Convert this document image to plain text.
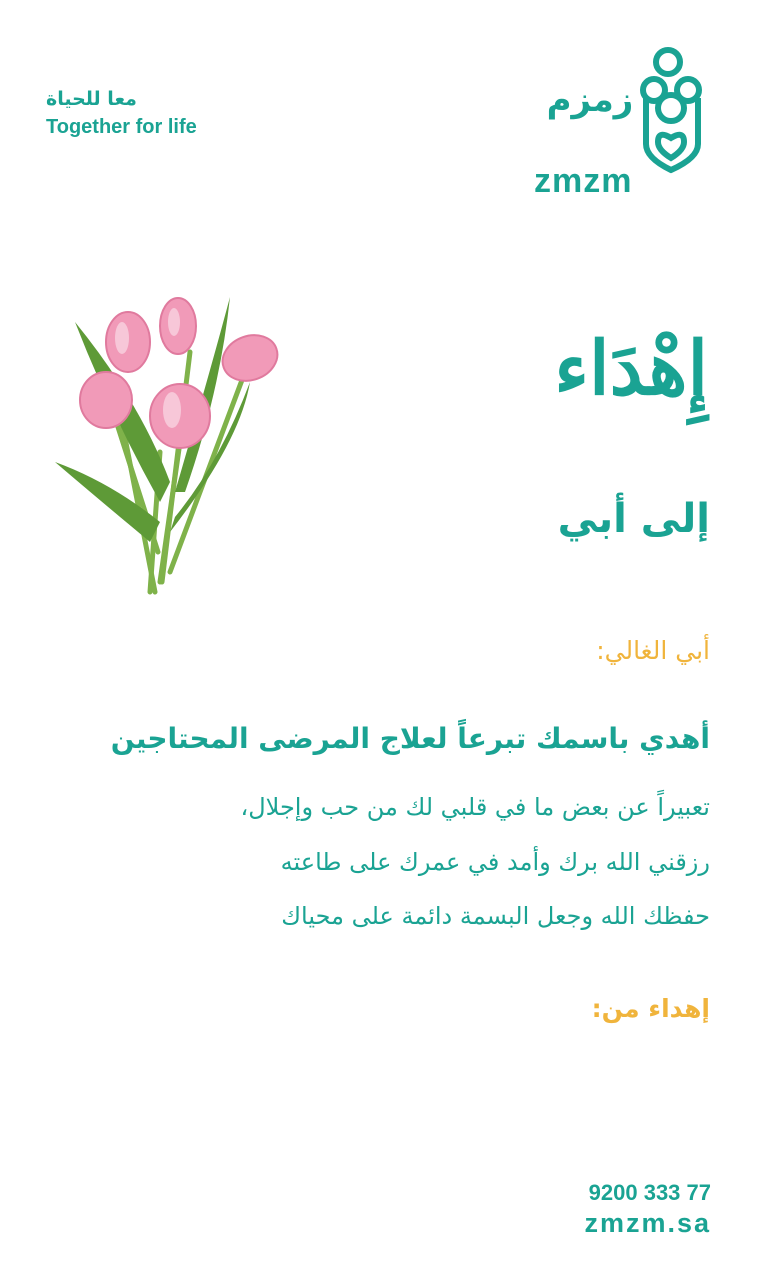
معا للحياة
Together for life
زمزم
zmzm
إِهْدَاء
إلى أبي
أبي الغالي:
أهدي باسمك تبرعاً لعلاج المرضى المحتاجين
تعبيراً عن بعض ما في قلبي لك من حب وإجلال،
رزقني الله برك وأمد في عمرك على طاعته
حفظك الله وجعل البسمة دائمة على محياك
إهداء من:
9200 333 77
zmzm.sa
